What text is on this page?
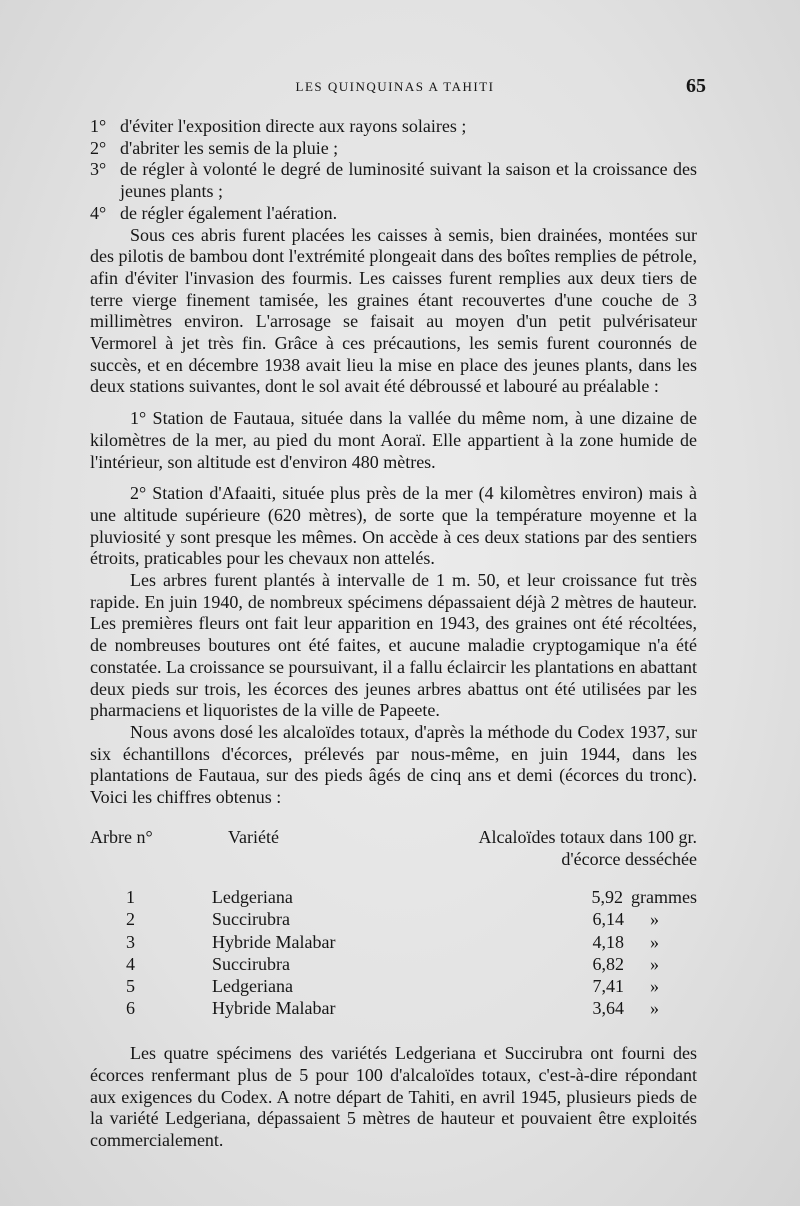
LES QUINQUINAS A TAHITI	65
1° d'éviter l'exposition directe aux rayons solaires ;
2° d'abriter les semis de la pluie ;
3° de régler à volonté le degré de luminosité suivant la saison et la croissance des jeunes plants ;
4° de régler également l'aération.

Sous ces abris furent placées les caisses à semis, bien drainées, montées sur des pilotis de bambou dont l'extrémité plongeait dans des boîtes remplies de pétrole, afin d'éviter l'invasion des fourmis. Les caisses furent remplies aux deux tiers de terre vierge finement tamisée, les graines étant recouvertes d'une couche de 3 millimètres environ. L'arrosage se faisait au moyen d'un petit pulvérisateur Vermorel à jet très fin. Grâce à ces précautions, les semis furent couronnés de succès, et en décembre 1938 avait lieu la mise en place des jeunes plants, dans les deux stations suivantes, dont le sol avait été débroussé et labouré au préalable :

1° Station de Fautaua, située dans la vallée du même nom, à une dizaine de kilomètres de la mer, au pied du mont Aoraï. Elle appartient à la zone humide de l'intérieur, son altitude est d'environ 480 mètres.

2° Station d'Afaaiti, située plus près de la mer (4 kilomètres environ) mais à une altitude supérieure (620 mètres), de sorte que la température moyenne et la pluviosité y sont presque les mêmes. On accède à ces deux stations par des sentiers étroits, praticables pour les chevaux non attelés.

Les arbres furent plantés à intervalle de 1 m. 50, et leur croissance fut très rapide. En juin 1940, de nombreux spécimens dépassaient déjà 2 mètres de hauteur. Les premières fleurs ont fait leur apparition en 1943, des graines ont été récoltées, de nombreuses boutures ont été faites, et aucune maladie cryptogamique n'a été constatée. La croissance se poursuivant, il a fallu éclaircir les plantations en abattant deux pieds sur trois, les écorces des jeunes arbres abattus ont été utilisées par les pharmaciens et liquoristes de la ville de Papeete.

Nous avons dosé les alcaloïdes totaux, d'après la méthode du Codex 1937, sur six échantillons d'écorces, prélevés par nous-même, en juin 1944, dans les plantations de Fautaua, sur des pieds âgés de cinq ans et demi (écorces du tronc). Voici les chiffres obtenus :

Arbre n°	Variété	Alcaloïdes totaux dans 100 gr.
d'écorce desséchée
1	Ledgeriana	5,92 grammes
2	Succirubra	6,14	»
3	Hybride Malabar	4,18	»
4	Succirubra	6,82	»
5	Ledgeriana	7,41	»
6	Hybride Malabar	3,64	»

Les quatre spécimens des variétés Ledgeriana et Succirubra ont fourni des écorces renfermant plus de 5 pour 100 d'alcaloïdes totaux, c'est-à-dire répondant aux exigences du Codex. A notre départ de Tahiti, en avril 1945, plusieurs pieds de la variété Ledgeriana, dépassaient 5 mètres de hauteur et pouvaient être exploités commercialement.
